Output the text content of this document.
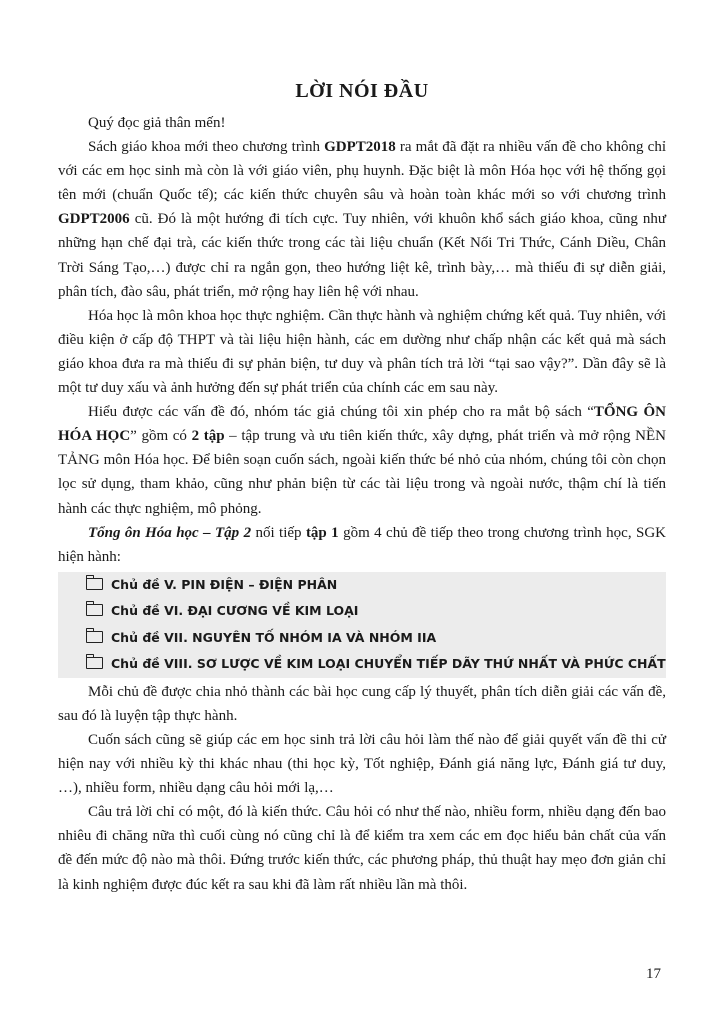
LỜI NÓI ĐẦU

Quý đọc giả thân mến!

Sách giáo khoa mới theo chương trình GDPT2018 ra mắt đã đặt ra nhiều vấn đề cho không chỉ với các em học sinh mà còn là với giáo viên, phụ huynh. Đặc biệt là môn Hóa học với hệ thống gọi tên mới (chuẩn Quốc tế); các kiến thức chuyên sâu và hoàn toàn khác mới so với chương trình GDPT2006 cũ. Đó là một hướng đi tích cực. Tuy nhiên, với khuôn khổ sách giáo khoa, cũng như những hạn chế đại trà, các kiến thức trong các tài liệu chuẩn (Kết Nối Tri Thức, Cánh Diều, Chân Trời Sáng Tạo,…) được chỉ ra ngắn gọn, theo hướng liệt kê, trình bày,… mà thiếu đi sự diễn giải, phân tích, đào sâu, phát triển, mở rộng hay liên hệ với nhau.

Hóa học là môn khoa học thực nghiệm. Cần thực hành và nghiệm chứng kết quả. Tuy nhiên, với điều kiện ở cấp độ THPT và tài liệu hiện hành, các em dường như chấp nhận các kết quả mà sách giáo khoa đưa ra mà thiếu đi sự phản biện, tư duy và phân tích trả lời “tại sao vậy?”. Dần đây sẽ là một tư duy xấu và ảnh hưởng đến sự phát triển của chính các em sau này.

Hiểu được các vấn đề đó, nhóm tác giả chúng tôi xin phép cho ra mắt bộ sách “TỔNG ÔN HÓA HỌC” gồm có 2 tập – tập trung và ưu tiên kiến thức, xây dựng, phát triển và mở rộng NỀN TẢNG môn Hóa học. Để biên soạn cuốn sách, ngoài kiến thức bé nhỏ của nhóm, chúng tôi còn chọn lọc sử dụng, tham khảo, cũng như phản biện từ các tài liệu trong và ngoài nước, thậm chí là tiến hành các thực nghiệm, mô phỏng.

Tổng ôn Hóa học – Tập 2 nối tiếp tập 1 gồm 4 chủ đề tiếp theo trong chương trình học, SGK hiện hành:

Chủ đề V. PIN ĐIỆN – ĐIỆN PHÂN
Chủ đề VI. ĐẠI CƯƠNG VỀ KIM LOẠI
Chủ đề VII. NGUYÊN TỐ NHÓM IA VÀ NHÓM IIA
Chủ đề VIII. SƠ LƯỢC VỀ KIM LOẠI CHUYỂN TIẾP DÃY THỨ NHẤT VÀ PHỨC CHẤT

Mỗi chủ đề được chia nhỏ thành các bài học cung cấp lý thuyết, phân tích diễn giải các vấn đề, sau đó là luyện tập thực hành.

Cuốn sách cũng sẽ giúp các em học sinh trả lời câu hỏi làm thế nào để giải quyết vấn đề thi cử hiện nay với nhiều kỳ thi khác nhau (thi học kỳ, Tốt nghiệp, Đánh giá năng lực, Đánh giá tư duy, …), nhiều form, nhiều dạng câu hỏi mới lạ,…

Câu trả lời chỉ có một, đó là kiến thức. Câu hỏi có như thế nào, nhiều form, nhiều dạng đến bao nhiêu đi chăng nữa thì cuối cùng nó cũng chỉ là để kiểm tra xem các em đọc hiểu bản chất của vấn đề đến mức độ nào mà thôi. Đứng trước kiến thức, các phương pháp, thủ thuật hay mẹo đơn giản chỉ là kinh nghiệm được đúc kết ra sau khi đã làm rất nhiều lần mà thôi.

17
